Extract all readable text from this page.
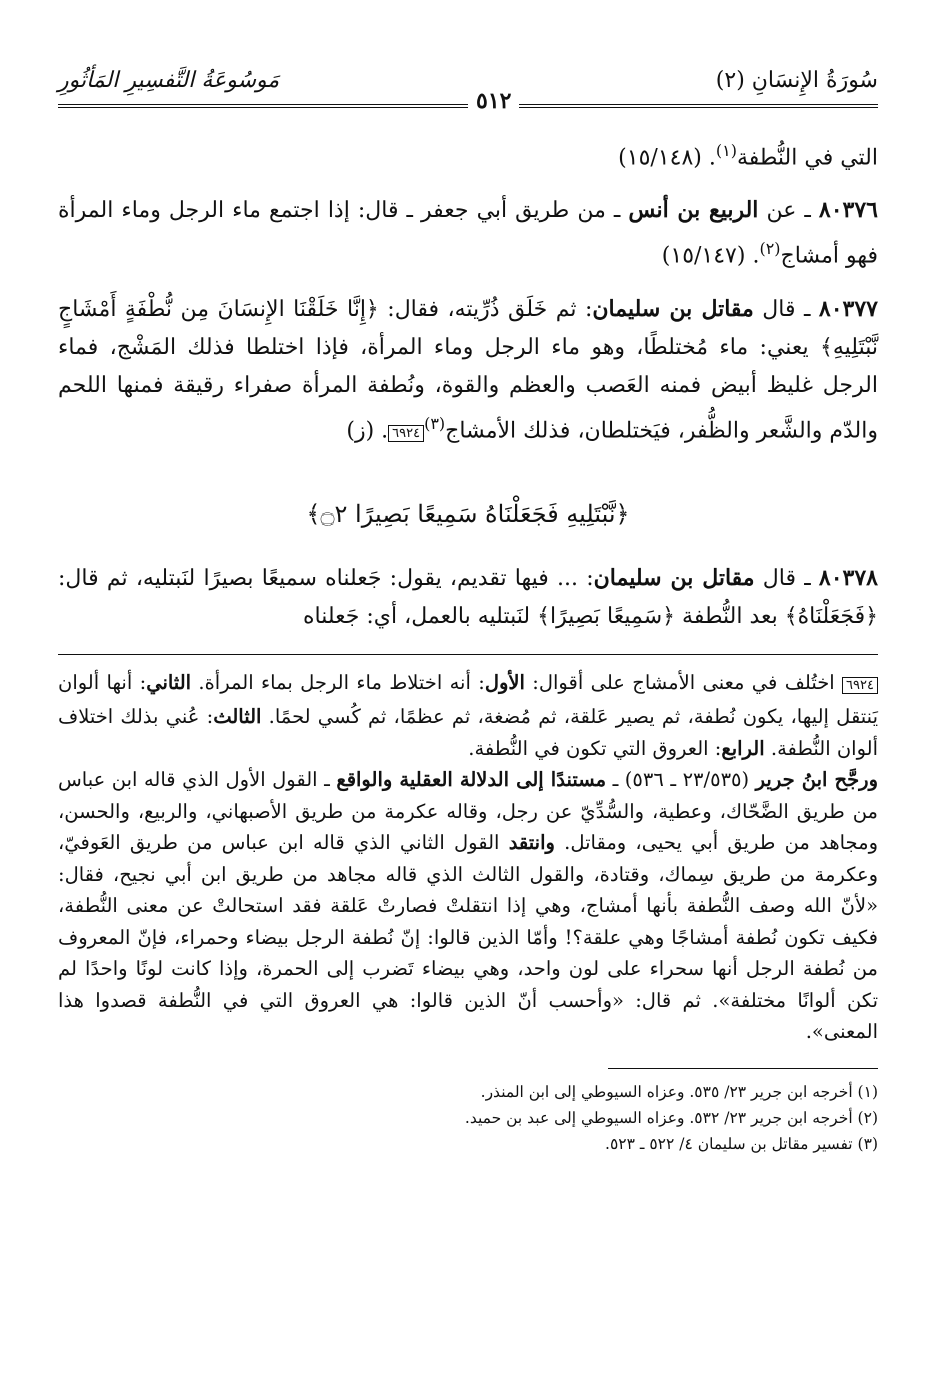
سُورَةُ الإِنسَانِ (٢)
٥١٢
مَوسُوعَةُ التَّفسِيرِ المَأثُورِ

التي في النُّطفة$^{(١)}$. (١٥/١٤٨)

٨٠٣٧٦ ـ عن الربيع بن أنس ـ من طريق أبي جعفر ـ قال: إذا اجتمع ماء الرجل وماء المرأة فهو أمشاج$^{(٢)}$. (١٥/١٤٧)

٨٠٣٧٧ ـ قال مقاتل بن سليمان: ثم خَلَق ذُرِّيته، فقال: ﴿إِنَّا خَلَقْنَا الإِنسَانَ مِن نُّطْفَةٍ أَمْشَاجٍ نَّبْتَلِيهِ﴾ يعني: ماء مُختلطًا، وهو ماء الرجل وماء المرأة، فإذا اختلطا فذلك المَشْج، فماء الرجل غليظ أبيض فمنه العَصب والعظم والقوة، ونُطفة المرأة صفراء رقيقة فمنها اللحم والدّم والشَّعر والظُّفر، فيَختلطان، فذلك الأمشاج$^{(٣)}$٦٩٢٤. (ز)

﴿نَّبْتَلِيهِ فَجَعَلْنَاهُ سَمِيعًا بَصِيرًا ۝٢﴾

٨٠٣٧٨ ـ قال مقاتل بن سليمان: ... فيها تقديم، يقول: جَعلناه سميعًا بصيرًا لنَبتليه، ثم قال: ﴿فَجَعَلْنَاهُ﴾ بعد النُّطفة ﴿سَمِيعًا بَصِيرًا﴾ لنَبتليه بالعمل، أي: جَعلناه

٦٩٢٤ اختُلف في معنى الأمشاج على أقوال: الأول: أنه اختلاط ماء الرجل بماء المرأة. الثاني: أنها ألوان يَنتقل إليها، يكون نُطفة، ثم يصير عَلقة، ثم مُضغة، ثم عظمًا، ثم كُسي لحمًا. الثالث: عُني بذلك اختلاف ألوان النُّطفة. الرابع: العروق التي تكون في النُّطفة.

ورجَّح ابنُ جرير (٢٣/٥٣٥ ـ ٥٣٦) ـ مستندًا إلى الدلالة العقلية والواقع ـ القول الأول الذي قاله ابن عباس من طريق الضَّحّاك، وعطية، والسُّدِّيّ عن رجل، وقاله عكرمة من طريق الأصبهاني، والربيع، والحسن، ومجاهد من طريق أبي يحيى، ومقاتل. وانتقد القول الثاني الذي قاله ابن عباس من طريق العَوفيّ، وعكرمة من طريق سِماك، وقتادة، والقول الثالث الذي قاله مجاهد من طريق ابن أبي نجيح، فقال: «لأنّ الله وصف النُّطفة بأنها أمشاج، وهي إذا انتقلتْ فصارتْ عَلقة فقد استحالتْ عن معنى النُّطفة، فكيف تكون نُطفة أمشاجًا وهي علقة؟! وأمّا الذين قالوا: إنّ نُطفة الرجل بيضاء وحمراء، فإنّ المعروف من نُطفة الرجل أنها سحراء على لون واحد، وهي بيضاء تَضرب إلى الحمرة، وإذا كانت لونًا واحدًا لم تكن ألوانًا مختلفة». ثم قال: «وأحسب أنّ الذين قالوا: هي العروق التي في النُّطفة قصدوا هذا المعنى».

(١) أخرجه ابن جرير ٢٣/ ٥٣٥. وعزاه السيوطي إلى ابن المنذر.
(٢) أخرجه ابن جرير ٢٣/ ٥٣٢. وعزاه السيوطي إلى عبد بن حميد.
(٣) تفسير مقاتل بن سليمان ٤/ ٥٢٢ ـ ٥٢٣.
